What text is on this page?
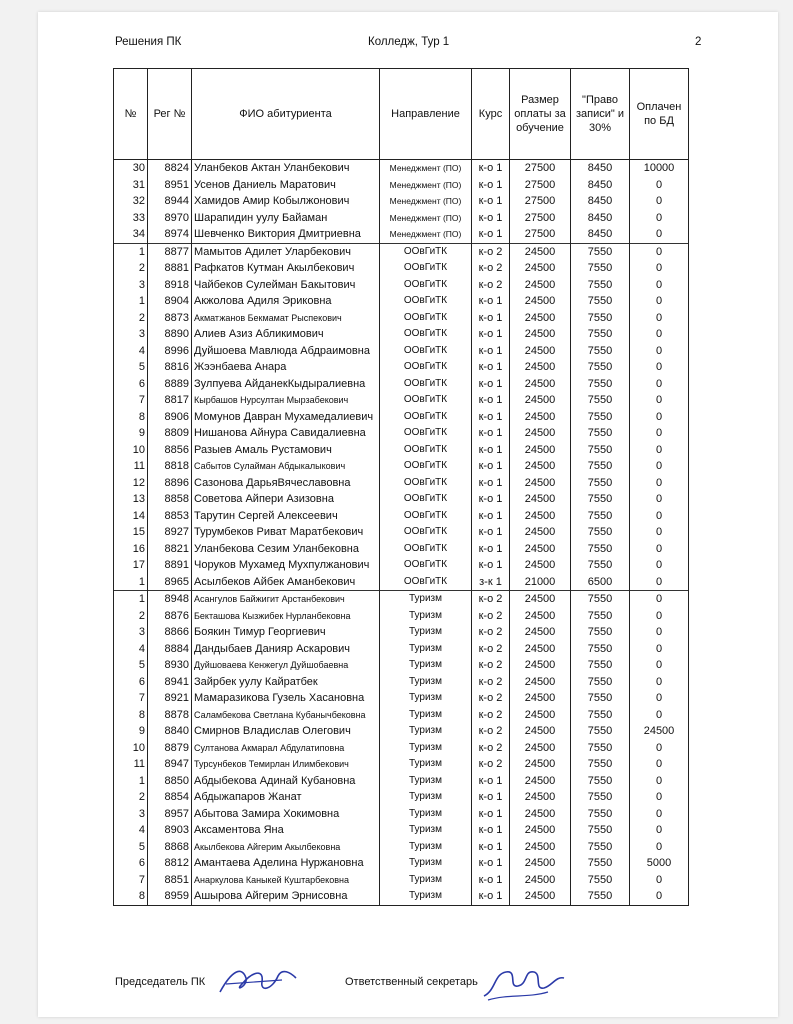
Решения ПК	Колледж, Тур 1	2
№	Рег №	ФИО абитуриента	Направление	Курс	Размер оплаты за обучение	"Право записи" и 30%	Оплачен по БД
30	8824	Уланбеков Актан Уланбекович	Менеджмент (ПО)	к-о 1	27500	8450	10000
31	8951	Усенов Даниель Маратович	Менеджмент (ПО)	к-о 1	27500	8450	0
32	8944	Хамидов Амир Кобылжонович	Менеджмент (ПО)	к-о 1	27500	8450	0
33	8970	Шарапидин уулу Байаман	Менеджмент (ПО)	к-о 1	27500	8450	0
34	8974	Шевченко Виктория Дмитриевна	Менеджмент (ПО)	к-о 1	27500	8450	0
1	8877	Мамытов Адилет Уларбекович	ООвГиТК	к-о 2	24500	7550	0
2	8881	Рафкатов Кутман Акылбекович	ООвГиТК	к-о 2	24500	7550	0
3	8918	Чайбеков Сулейман Бакытович	ООвГиТК	к-о 2	24500	7550	0
1	8904	Акжолова Адиля Эриковна	ООвГиТК	к-о 1	24500	7550	0
2	8873	Акматжанов Бекмамат Рыспекович	ООвГиТК	к-о 1	24500	7550	0
3	8890	Алиев Азиз Абликимович	ООвГиТК	к-о 1	24500	7550	0
4	8996	Дуйшоева Мавлюда Абдраимовна	ООвГиТК	к-о 1	24500	7550	0
5	8816	Жээнбаева Анара	ООвГиТК	к-о 1	24500	7550	0
6	8889	Зулпуева АйданекКыдыралиевна	ООвГиТК	к-о 1	24500	7550	0
7	8817	Кырбашов Нурсултан Мырзабекович	ООвГиТК	к-о 1	24500	7550	0
8	8906	Момунов Давран Мухамедалиевич	ООвГиТК	к-о 1	24500	7550	0
9	8809	Нишанова Айнура Савидалиевна	ООвГиТК	к-о 1	24500	7550	0
10	8856	Разыев Амаль Рустамович	ООвГиТК	к-о 1	24500	7550	0
11	8818	Сабытов Сулайман Абдыкалыкович	ООвГиТК	к-о 1	24500	7550	0
12	8896	Сазонова ДарьяВячеславовна	ООвГиТК	к-о 1	24500	7550	0
13	8858	Советова Айпери Азизовна	ООвГиТК	к-о 1	24500	7550	0
14	8853	Тарутин Сергей Алексеевич	ООвГиТК	к-о 1	24500	7550	0
15	8927	Турумбеков Риват Маратбекович	ООвГиТК	к-о 1	24500	7550	0
16	8821	Уланбекова Сезим Уланбековна	ООвГиТК	к-о 1	24500	7550	0
17	8891	Чоруков Мухамед Мухпулжанович	ООвГиТК	к-о 1	24500	7550	0
1	8965	Асылбеков Айбек Аманбекович	ООвГиТК	з-к 1	21000	6500	0
1	8948	Асангулов Байжигит Арстанбекович	Туризм	к-о 2	24500	7550	0
2	8876	Бекташова Кызжибек Нурланбековна	Туризм	к-о 2	24500	7550	0
3	8866	Боякин Тимур Георгиевич	Туризм	к-о 2	24500	7550	0
4	8884	Дандыбаев Данияр Аскарович	Туризм	к-о 2	24500	7550	0
5	8930	Дуйшоваева Кенжегул Дуйшобаевна	Туризм	к-о 2	24500	7550	0
6	8941	Зайрбек уулу Кайратбек	Туризм	к-о 2	24500	7550	0
7	8921	Мамаразикова Гузель Хасановна	Туризм	к-о 2	24500	7550	0
8	8878	Саламбекова Светлана Кубанычбековна	Туризм	к-о 2	24500	7550	0
9	8840	Смирнов Владислав Олегович	Туризм	к-о 2	24500	7550	24500
10	8879	Султанова Акмарал Абдулатиповна	Туризм	к-о 2	24500	7550	0
11	8947	Турсунбеков Темирлан Илимбекович	Туризм	к-о 2	24500	7550	0
1	8850	Абдыбекова Адинай Кубановна	Туризм	к-о 1	24500	7550	0
2	8854	Абдыжапаров Жанат	Туризм	к-о 1	24500	7550	0
3	8957	Абытова Замира Хокимовна	Туризм	к-о 1	24500	7550	0
4	8903	Аксаментова Яна	Туризм	к-о 1	24500	7550	0
5	8868	Акылбекова Айгерим Акылбековна	Туризм	к-о 1	24500	7550	0
6	8812	Амантаева Аделина Нуржановна	Туризм	к-о 1	24500	7550	5000
7	8851	Анаркулова Каныкей Куштарбековна	Туризм	к-о 1	24500	7550	0
8	8959	Ашырова Айгерим Эрнисовна	Туризм	к-о 1	24500	7550	0
Председатель ПК	Ответственный секретарь
